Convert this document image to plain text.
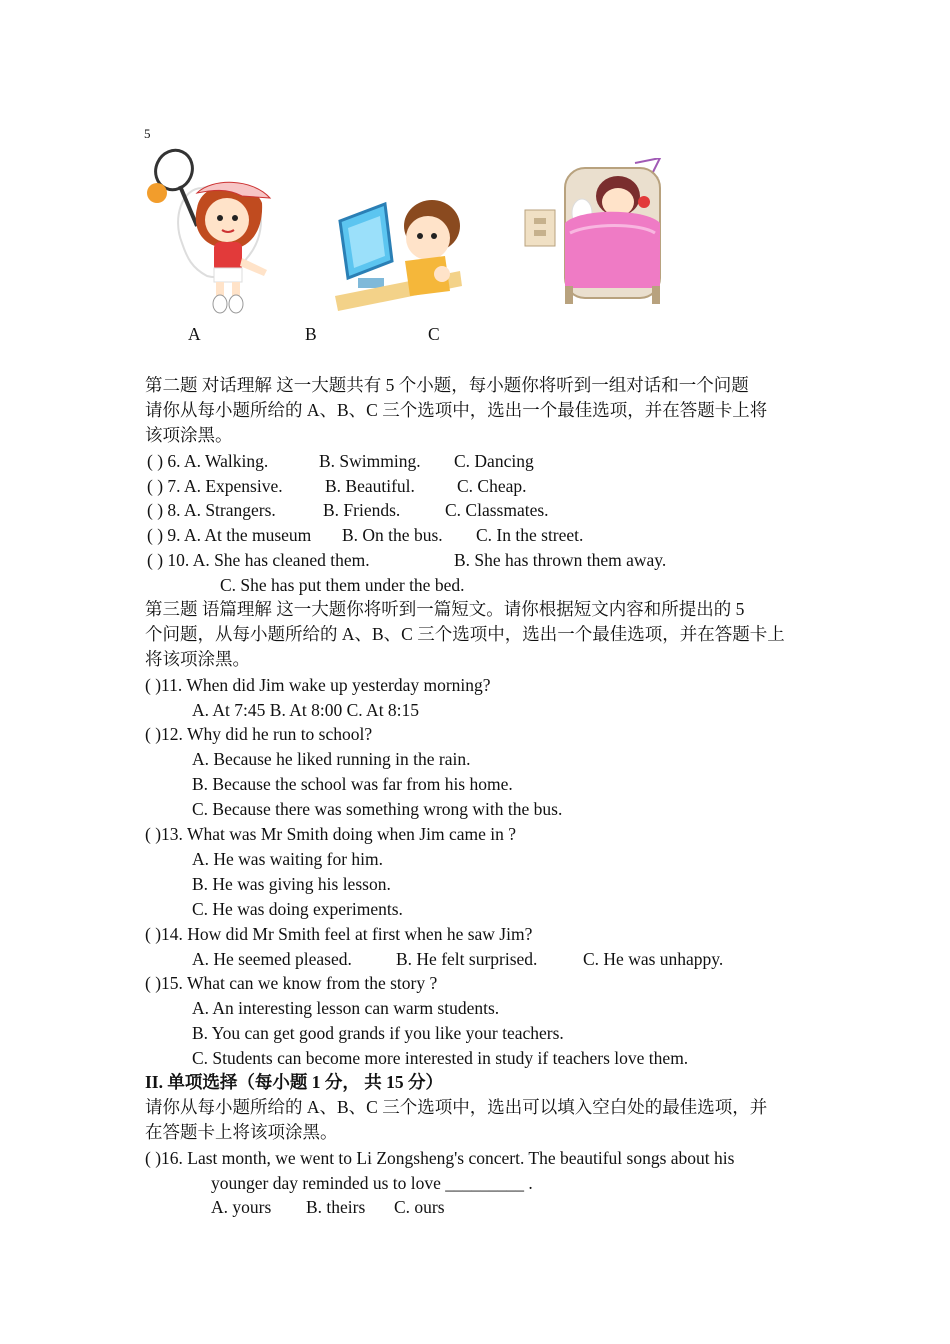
5
A	B	C
第二题 对话理解 这一大题共有 5 个小题，每小题你将听到一组对话和一个问题
请你从每小题所给的 A、B、C 三个选项中，选出一个最佳选项，并在答题卡上将
该项涂黑。
( ) 6. A. Walking.	B. Swimming. C. Dancing
( ) 7. A. Expensive. B. Beautiful. C. Cheap.
( ) 8. A. Strangers.	B. Friends.	C. Classmates.
( ) 9. A. At the museum B. On the bus. C. In the street.
( ) 10. A. She has cleaned them.	B. She has thrown them away.
C. She has put them under the bed.
第三题 语篇理解 这一大题你将听到一篇短文。请你根据短文内容和所提出的 5
个问题，从每小题所给的 A、B、C 三个选项中，选出一个最佳选项，并在答题卡上
将该项涂黑。
( )11. When did Jim wake up yesterday morning?
A. At 7:45 B. At 8:00 C. At 8:15
( )12. Why did he run to school?
A. Because he liked running in the rain.
B. Because the school was far from his home.
C. Because there was something wrong with the bus.
( )13. What was Mr Smith doing when Jim came in ?
A. He was waiting for him.
B. He was giving his lesson.
C. He was doing experiments.
( )14. How did Mr Smith feel at first when he saw Jim?
A. He seemed pleased.	B. He felt surprised.	C. He was unhappy.
( )15. What can we know from the story ?
A. An interesting lesson can warm students.
B. You can get good grands if you like your teachers.
C. Students can become more interested in study if teachers love them.
II. 单项选择（每小题 1 分， 共 15 分）
请你从每小题所给的 A、B、C 三个选项中，选出可以填入空白处的最佳选项，并
在答题卡上将该项涂黑。
( )16. Last month, we went to Li Zongsheng's concert. The beautiful songs about his
younger day reminded us to love _________ .
A. yours B. theirs C. ours
